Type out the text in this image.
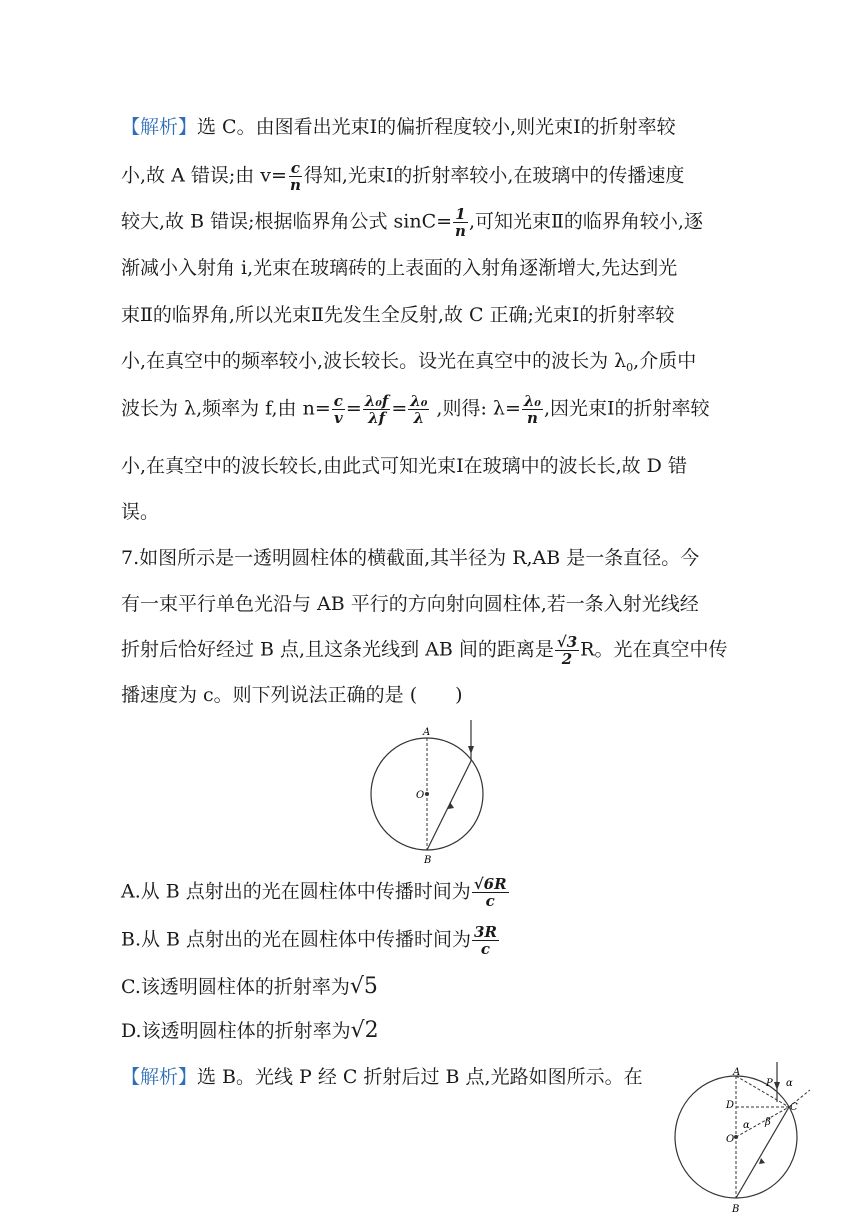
【解析】选 C。由图看出光束Ⅰ的偏折程度较小,则光束Ⅰ的折射率较
小,故 A 错误;由 $v= \frac{c}{n}$ 得知,光束Ⅰ的折射率较小,在玻璃中的传播速度
较大,故 B 错误;根据临界角公式 $\sin C= \frac{1}{n}$ ,可知光束Ⅱ的临界角较小,逐
渐减小入射角 i,光束在玻璃砖的上表面的入射角逐渐增大,先达到光
束Ⅱ的临界角,所以光束Ⅱ先发生全反射,故 C 正确;光束Ⅰ的折射率较
小,在真空中的频率较小,波长较长。设光在真空中的波长为 $\lambda_0$,介质中
波长为 λ,频率为 f,由 $n= \frac{c}{v} = \frac{\text{λ₀f}}{\lambda f} = \frac{\text{λ₀}}{\lambda}$ ,则得: $\lambda= \frac{\text{λ₀}}{n}$ ,因光束Ⅰ的折射率较
小,在真空中的波长较长,由此式可知光束Ⅰ在玻璃中的波长长,故 D 错
误。
7.如图所示是一透明圆柱体的横截面,其半径为 R,AB 是一条直径。今
有一束平行单色光沿与 AB 平行的方向射向圆柱体,若一条入射光线经
折射后恰好经过 B 点,且这条光线到 AB 间的距离是 $\frac{√3}{2}$ R。光在真空中传
播速度为 c。则下列说法正确的是 (　　)
A
O
B
A.从 B 点射出的光在圆柱体中传播时间为 $\frac{√6R}{c}$
B.从 B 点射出的光在圆柱体中传播时间为 $\frac{3R}{c}$
C.该透明圆柱体的折射率为√5
D.该透明圆柱体的折射率为√2
【解析】选 B。光线 P 经 C 折射后过 B 点,光路如图所示。在	A
P α
D	C
α β
O
B
